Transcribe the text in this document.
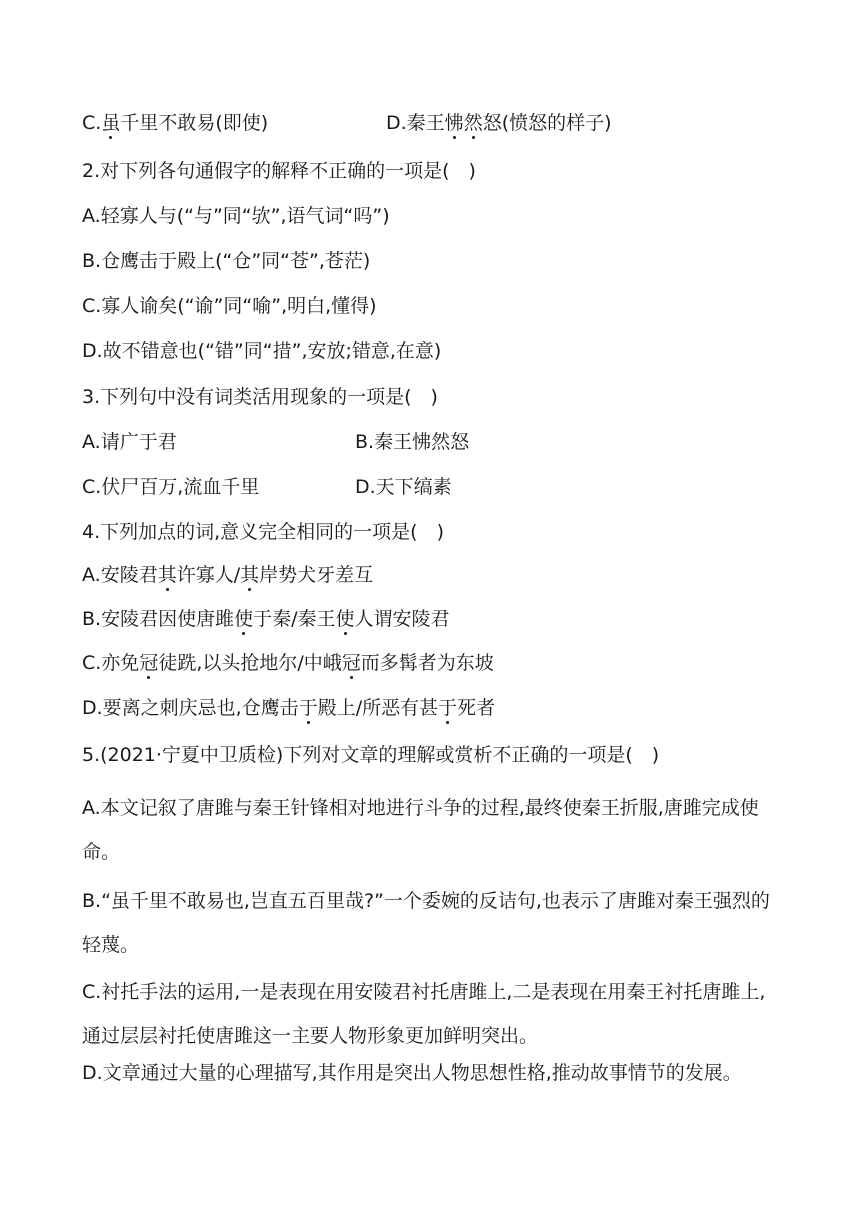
C.虽千里不敢易(即使)	D.秦王怫然怒(愤怒的样子)
2.对下列各句通假字的解释不正确的一项是(　)
A.轻寡人与(“与”同“欤”,语气词“吗”)
B.仓鹰击于殿上(“仓”同“苍”,苍茫)
C.寡人谕矣(“谕”同“喻”,明白,懂得)
D.故不错意也(“错”同“措”,安放;错意,在意)
3.下列句中没有词类活用现象的一项是(　)
A.请广于君	B.秦王怫然怒
C.伏尸百万,流血千里	D.天下缟素
4.下列加点的词,意义完全相同的一项是(　)
A.安陵君其许寡人/其岸势犬牙差互
B.安陵君因使唐雎使于秦/秦王使人谓安陵君
C.亦免冠徒跣,以头抢地尔/中峨冠而多髯者为东坡
D.要离之刺庆忌也,仓鹰击于殿上/所恶有甚于死者
5.(2021·宁夏中卫质检)下列对文章的理解或赏析不正确的一项是(　)
A.本文记叙了唐雎与秦王针锋相对地进行斗争的过程,最终使秦王折服,唐雎完成使命。
B.“虽千里不敢易也,岂直五百里哉?”一个委婉的反诘句,也表示了唐雎对秦王强烈的轻蔑。
C.衬托手法的运用,一是表现在用安陵君衬托唐雎上,二是表现在用秦王衬托唐雎上,通过层层衬托使唐雎这一主要人物形象更加鲜明突出。
D.文章通过大量的心理描写,其作用是突出人物思想性格,推动故事情节的发展。
